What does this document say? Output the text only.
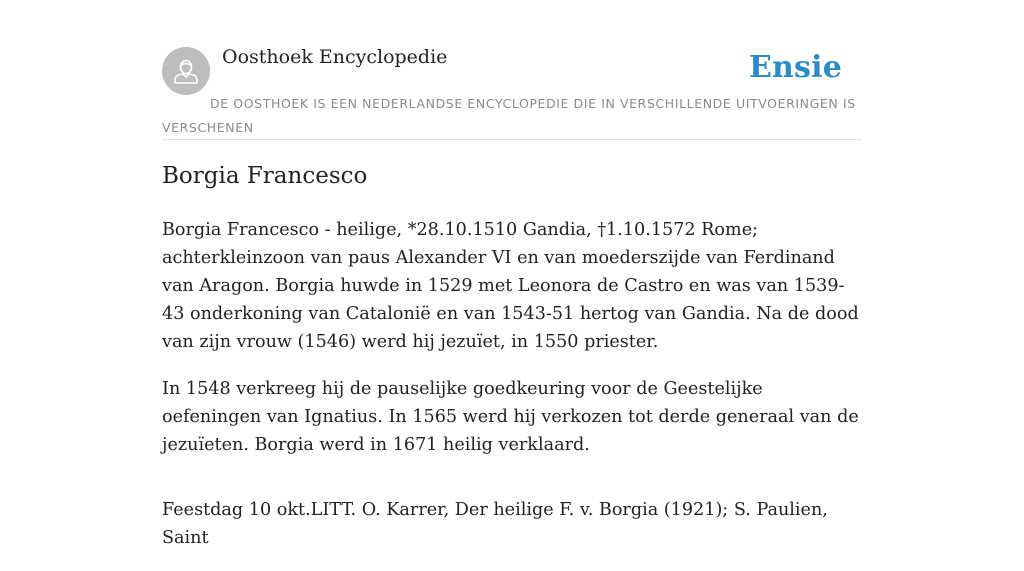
Oosthoek Encyclopedie	Ensie
DE OOSTHOEK IS EEN NEDERLANDSE ENCYCLOPEDIE DIE IN VERSCHILLENDE UITVOERINGEN IS VERSCHENEN
Borgia Francesco

Borgia Francesco - heilige, *28.10.1510 Gandia, †1.10.1572 Rome; achterkleinzoon van paus Alexander VI en van moederszijde van Ferdinand van Aragon. Borgia huwde in 1529 met Leonora de Castro en was van 1539-43 onderkoning van Catalonië en van 1543-51 hertog van Gandia. Na de dood van zijn vrouw (1546) werd hij jezuïet, in 1550 priester.

In 1548 verkreeg hij de pauselijke goedkeuring voor de Geestelijke oefeningen van Ignatius. In 1565 werd hij verkozen tot derde generaal van de jezuïeten. Borgia werd in 1671 heilig verklaard.

Feestdag 10 okt.LITT. O. Karrer, Der heilige F. v. Borgia (1921); S. Paulien, Saint
